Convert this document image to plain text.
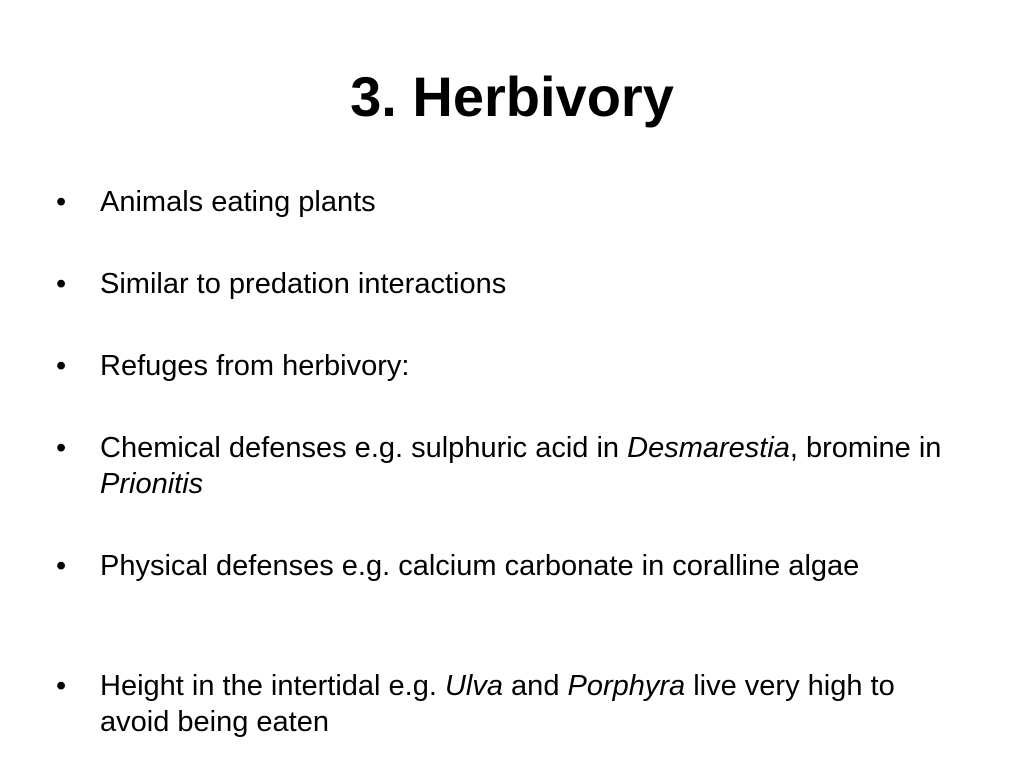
3. Herbivory
•	Animals eating plants
•	Similar to predation interactions
•	Refuges from herbivory:
•	Chemical defenses e.g. sulphuric acid in Desmarestia, bromine in Prionitis
•	Physical defenses e.g. calcium carbonate in coralline algae
•	Height in the intertidal e.g. Ulva and Porphyra live very high to avoid being eaten
